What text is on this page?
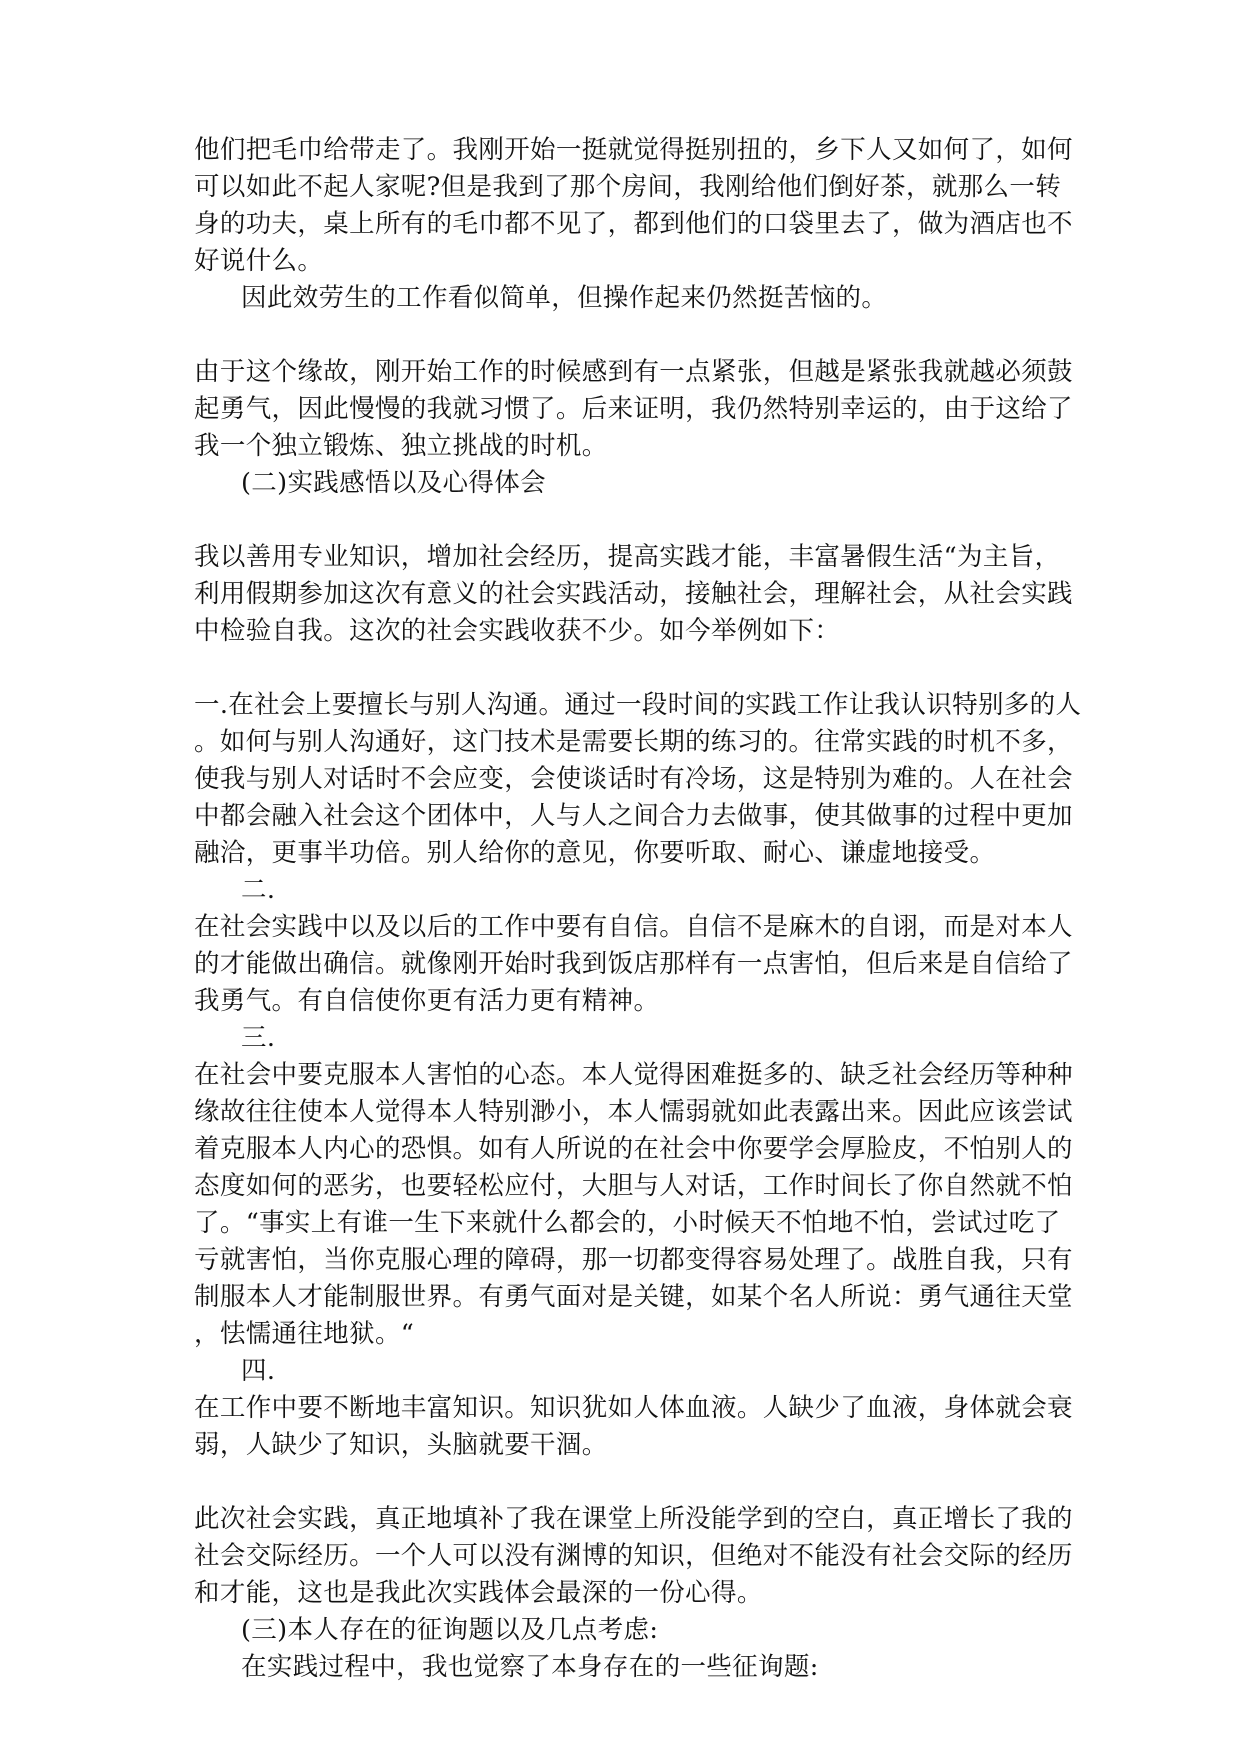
他们把毛巾给带走了。我刚开始一挺就觉得挺别扭的，乡下人又如何了，如何

可以如此不起人家呢?但是我到了那个房间，我刚给他们倒好茶，就那么一转

身的功夫，桌上所有的毛巾都不见了，都到他们的口袋里去了，做为酒店也不

好说什么。

因此效劳生的工作看似简单，但操作起来仍然挺苦恼的。

由于这个缘故，刚开始工作的时候感到有一点紧张，但越是紧张我就越必须鼓

起勇气，因此慢慢的我就习惯了。后来证明，我仍然特别幸运的，由于这给了

我一个独立锻炼、独立挑战的时机。

(二)实践感悟以及心得体会

我以善用专业知识，增加社会经历，提高实践才能，丰富暑假生活“为主旨，

利用假期参加这次有意义的社会实践活动，接触社会，理解社会，从社会实践

中检验自我。这次的社会实践收获不少。如今举例如下：

一.在社会上要擅长与别人沟通。通过一段时间的实践工作让我认识特别多的人

。如何与别人沟通好，这门技术是需要长期的练习的。往常实践的时机不多，

使我与别人对话时不会应变，会使谈话时有冷场，这是特别为难的。人在社会

中都会融入社会这个团体中，人与人之间合力去做事，使其做事的过程中更加

融洽，更事半功倍。别人给你的意见，你要听取、耐心、谦虚地接受。

二.

在社会实践中以及以后的工作中要有自信。自信不是麻木的自诩，而是对本人

的才能做出确信。就像刚开始时我到饭店那样有一点害怕，但后来是自信给了

我勇气。有自信使你更有活力更有精神。

三.

在社会中要克服本人害怕的心态。本人觉得困难挺多的、缺乏社会经历等种种

缘故往往使本人觉得本人特别渺小，本人懦弱就如此表露出来。因此应该尝试

着克服本人内心的恐惧。如有人所说的在社会中你要学会厚脸皮，不怕别人的

态度如何的恶劣，也要轻松应付，大胆与人对话，工作时间长了你自然就不怕

了。“事实上有谁一生下来就什么都会的，小时候天不怕地不怕，尝试过吃了

亏就害怕，当你克服心理的障碍，那一切都变得容易处理了。战胜自我，只有

制服本人才能制服世界。有勇气面对是关键，如某个名人所说：勇气通往天堂

，怯懦通往地狱。“

四.

在工作中要不断地丰富知识。知识犹如人体血液。人缺少了血液，身体就会衰

弱，人缺少了知识，头脑就要干涸。

此次社会实践，真正地填补了我在课堂上所没能学到的空白，真正增长了我的

社会交际经历。一个人可以没有渊博的知识，但绝对不能没有社会交际的经历

和才能，这也是我此次实践体会最深的一份心得。

(三)本人存在的征询题以及几点考虑:

在实践过程中，我也觉察了本身存在的一些征询题:
